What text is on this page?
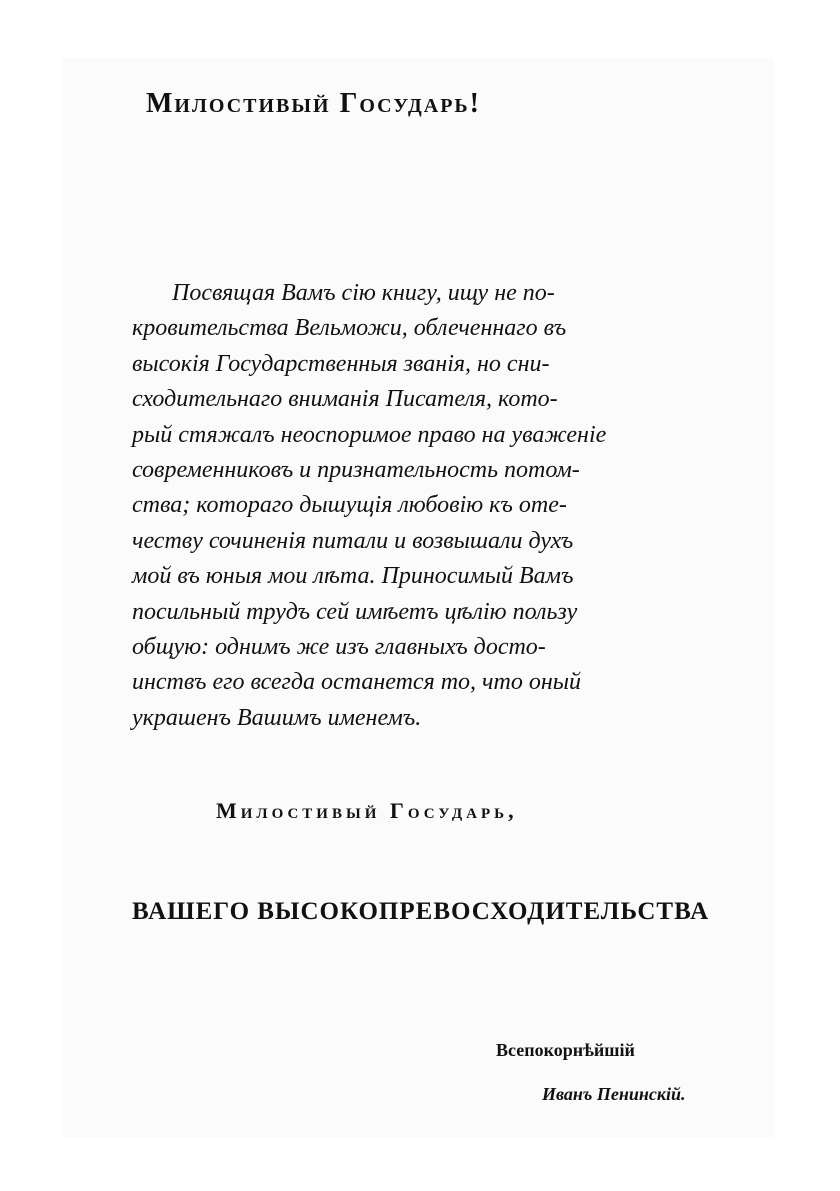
Милостивый Государь!

Посвящая Вамъ сiю книгу, ищу не по-
кровительства Вельможи, облеченнаго въ
высокiя Государственныя званiя, но сни-
сходительнаго вниманiя Писателя, кото-
рый стяжалъ неоспоримое право на уваженiе
современниковъ и признательность потом-
ства; котораго дышущiя любовiю къ оте-
честву сочиненiя питали и возвышали духъ
мой въ юныя мои лѣта. Приносимый Вамъ
посильный трудъ сей имѣетъ цѣлiю пользу
общую: однимъ же изъ главныхъ досто-
инствъ его всегда останется то, что оный
украшенъ Вашимъ именемъ.

Милостивый Государь,
ВАШЕГО ВЫСОКОПРЕВОСХОДИТЕЛЬСТВА
Всепокорнѣйшiй
Иванъ Пенинскiй.
